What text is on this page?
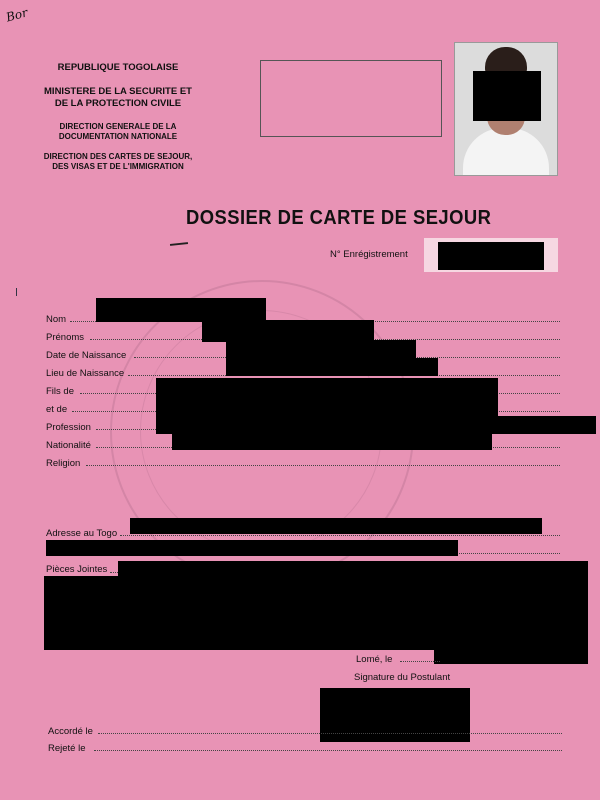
Bor
REPUBLIQUE TOGOLAISE
MINISTERE DE LA SECURITE ET
DE LA PROTECTION CIVILE
DIRECTION GENERALE DE LA
DOCUMENTATION NATIONALE
DIRECTION DES CARTES DE SEJOUR,
DES VISAS ET DE L'IMMIGRATION
DOSSIER DE CARTE DE SEJOUR
N° Enrégistrement
Nom
Prénoms
Date de Naissance
Lieu de Naissance
Fils de
et de
Profession
Nationalité
Religion
Adresse au Togo
Pièces Jointes
Lomé, le
Signature du Postulant
Accordé le
Rejeté le
